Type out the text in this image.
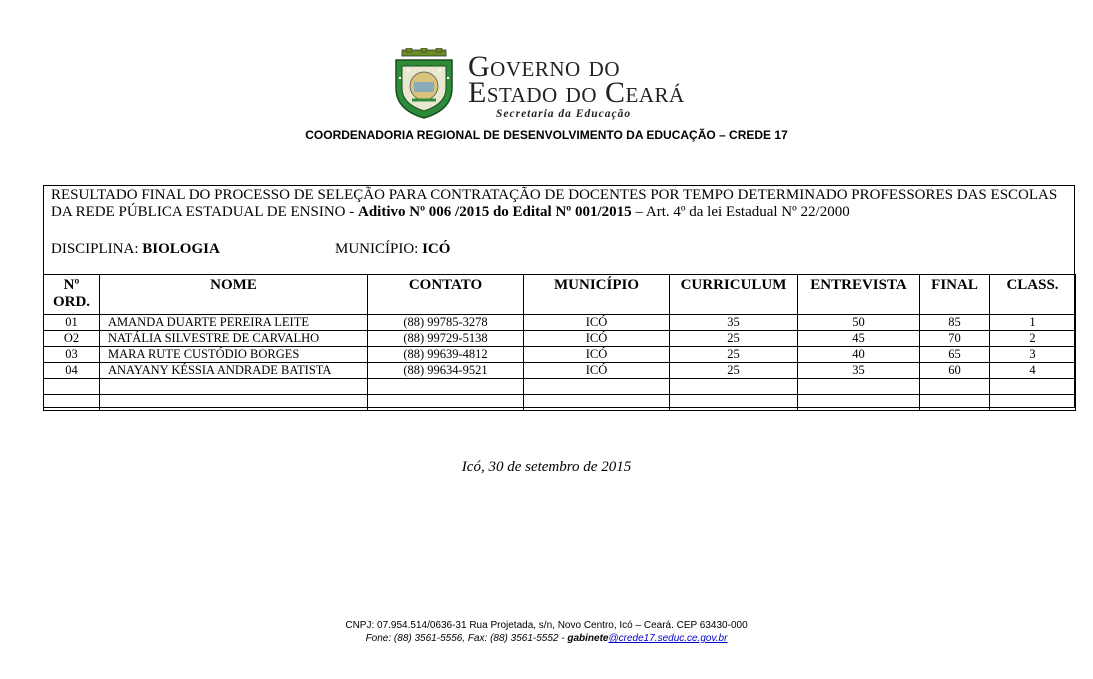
Governo do
Estado do Ceará
Secretaria da Educação
COORDENADORIA REGIONAL DE DESENVOLVIMENTO DA EDUCAÇÃO – CREDE 17
RESULTADO FINAL DO PROCESSO DE SELEÇÃO PARA CONTRATAÇÃO DE DOCENTES POR TEMPO DETERMINADO PROFESSORES DAS ESCOLAS DA REDE PÚBLICA ESTADUAL DE ENSINO - Aditivo Nº 006 /2015 do Edital Nº 001/2015 – Art. 4º da lei Estadual Nº 22/2000
DISCIPLINA: BIOLOGIA	MUNICÍPIO: ICÓ
Nº
ORD.	NOME	CONTATO	MUNICÍPIO	CURRICULUM	ENTREVISTA	FINAL	CLASS.
01	AMANDA DUARTE PEREIRA LEITE	(88) 99785-3278	ICÓ	35	50	85	1
O2	NATÁLIA SILVESTRE DE CARVALHO	(88) 99729-5138	ICÓ	25	45	70	2
03	MARA RUTE CUSTÓDIO BORGES	(88) 99639-4812	ICÓ	25	40	65	3
04	ANAYANY KÉSSIA ANDRADE BATISTA	(88) 99634-9521	ICÓ	25	35	60	4

Icó, 30 de setembro de 2015
CNPJ: 07.954.514/0636-31 Rua Projetada, s/n, Novo Centro, Icó – Ceará. CEP 63430-000
Fone: (88) 3561-5556, Fax: (88) 3561-5552 - gabinete@crede17.seduc.ce.gov.br
